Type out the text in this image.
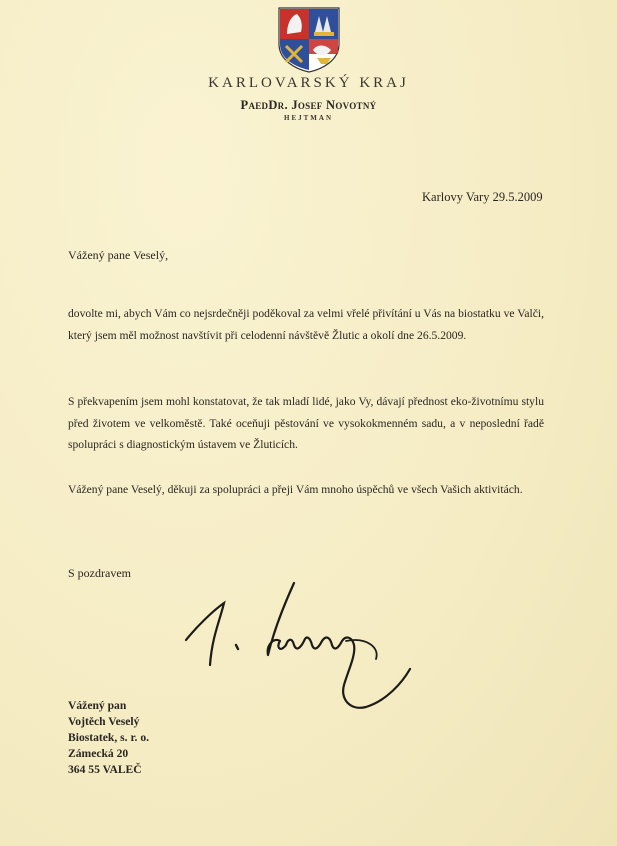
KARLOVARSKÝ KRAJ
PaedDr. Josef Novotný
HEJTMAN
Karlovy Vary 29.5.2009
Vážený pane Veselý,
dovolte mi, abych Vám co nejsrdečněji poděkoval za velmi vřelé přivítání u Vás na biostatku ve Valči, který jsem měl možnost navštívit při celodenní návštěvě Žlutic a okolí dne 26.5.2009.
S překvapením jsem mohl konstatovat, že tak mladí lidé, jako Vy, dávají přednost eko-životnímu stylu před životem ve velkoměstě. Také oceňuji pěstování ve vysokokmenném sadu, a v neposlední řadě spolupráci s diagnostickým ústavem ve Žluticích.
Vážený pane Veselý, děkuji za spolupráci a přeji Vám mnoho úspěchů ve všech Vašich aktivitách.
S pozdravem
Vážený pan
Vojtěch Veselý
Biostatek, s. r. o.
Zámecká 20
364 55 VALEČ
